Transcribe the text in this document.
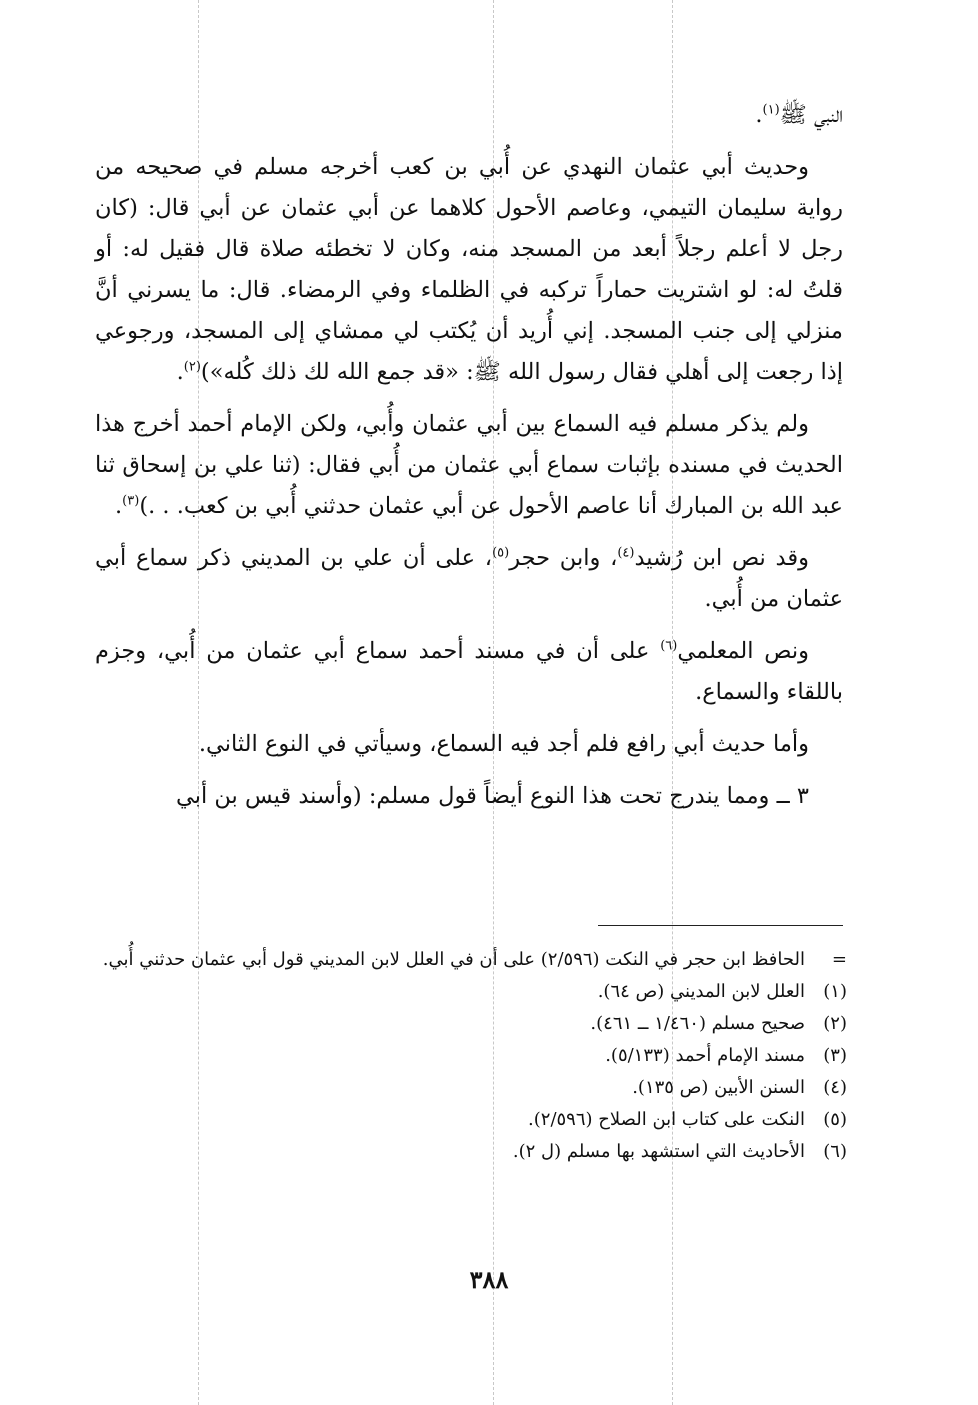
النبي ﷺ$^{(١)}$.

وحديث أبي عثمان النهدي عن أُبي بن كعب أخرجه مسلم في صحيحه من رواية سليمان التيمي، وعاصم الأحول كلاهما عن أبي عثمان عن أبي قال: (كان رجل لا أعلم رجلاً أبعد من المسجد منه، وكان لا تخطئه صلاة قال فقيل له: أو قلتُ له: لو اشتريت حماراً تركبه في الظلماء وفي الرمضاء. قال: ما يسرني أنَّ منزلي إلى جنب المسجد. إني أُريد أن يُكتب لي ممشاي إلى المسجد، ورجوعي إذا رجعت إلى أهلي فقال رسول الله ﷺ: «قد جمع الله لك ذلك كُله»)$^{(٢)}$.

ولم يذكر مسلم فيه السماع بين أبي عثمان وأُبي، ولكن الإمام أحمد أخرج هذا الحديث في مسنده بإثبات سماع أبي عثمان من أُبي فقال: (ثنا علي بن إسحاق ثنا عبد الله بن المبارك أنا عاصم الأحول عن أبي عثمان حدثني أُبي بن كعب. . .)$^{(٣)}$.

وقد نص ابن رُشيد$^{(٤)}$، وابن حجر$^{(٥)}$، على أن علي بن المديني ذكر سماع أبي عثمان من أُبي.

ونص المعلمي$^{(٦)}$ على أن في مسند أحمد سماع أبي عثمان من أُبي، وجزم باللقاء والسماع.

وأما حديث أبي رافع فلم أجد فيه السماع، وسيأتي في النوع الثاني.

٣ ــ ومما يندرج تحت هذا النوع أيضاً قول مسلم: (وأسند قيس بن أبي

=
الحافظ ابن حجر في النكت (٢/٥٩٦) على أن في العلل لابن المديني قول أبي عثمان حدثني أُبي.
(١)
العلل لابن المديني (ص ٦٤).
(٢)
صحيح مسلم (١/٤٦٠ ــ ٤٦١).
(٣)
مسند الإمام أحمد (٥/١٣٣).
(٤)
السنن الأبين (ص ١٣٥).
(٥)
النكت على كتاب ابن الصلاح (٢/٥٩٦).
(٦)
الأحاديث التي استشهد بها مسلم (ل ٢).
٣٨٨
